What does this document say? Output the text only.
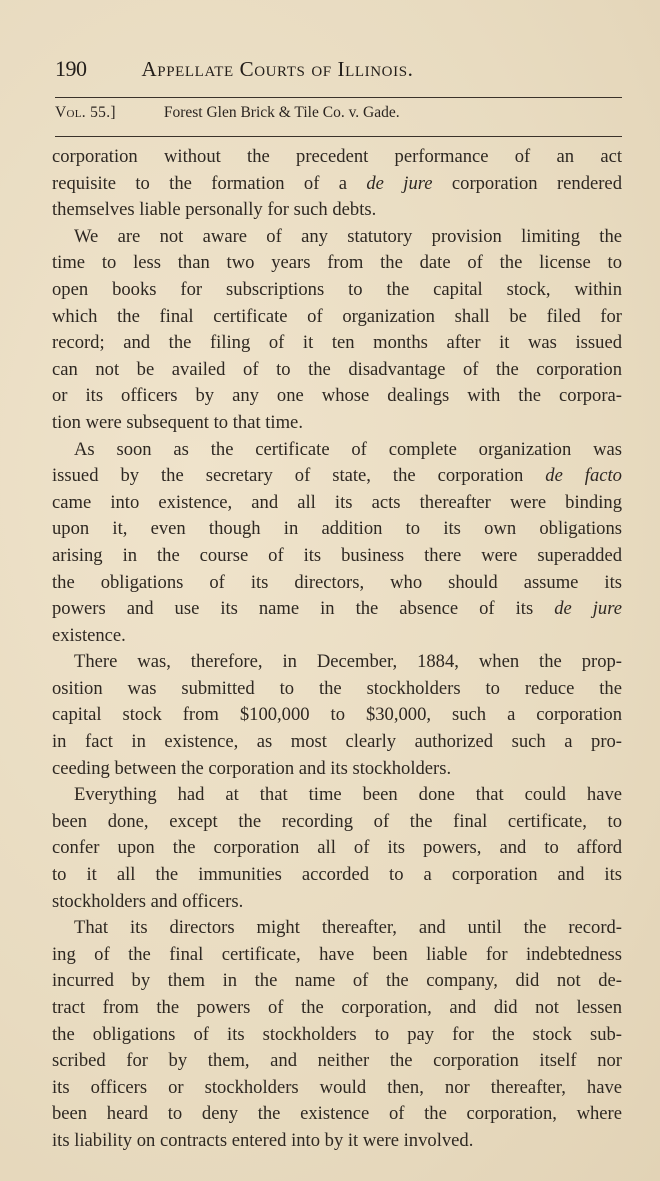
190	Appellate Courts of Illinois.
Vol. 55.]	Forest Glen Brick & Tile Co. v. Gade.
corporation without the precedent performance of an act
requisite to the formation of a de jure corporation rendered
themselves liable personally for such debts.
We are not aware of any statutory provision limiting the
time to less than two years from the date of the license to
open books for subscriptions to the capital stock, within
which the final certificate of organization shall be filed for
record; and the filing of it ten months after it was issued
can not be availed of to the disadvantage of the corporation
or its officers by any one whose dealings with the corpora-
tion were subsequent to that time.
As soon as the certificate of complete organization was
issued by the secretary of state, the corporation de facto
came into existence, and all its acts thereafter were binding
upon it, even though in addition to its own obligations
arising in the course of its business there were superadded
the obligations of its directors, who should assume its
powers and use its name in the absence of its de jure
existence.
There was, therefore, in December, 1884, when the prop-
osition was submitted to the stockholders to reduce the
capital stock from $100,000 to $30,000, such a corporation
in fact in existence, as most clearly authorized such a pro-
ceeding between the corporation and its stockholders.
Everything had at that time been done that could have
been done, except the recording of the final certificate, to
confer upon the corporation all of its powers, and to afford
to it all the immunities accorded to a corporation and its
stockholders and officers.
That its directors might thereafter, and until the record-
ing of the final certificate, have been liable for indebtedness
incurred by them in the name of the company, did not de-
tract from the powers of the corporation, and did not lessen
the obligations of its stockholders to pay for the stock sub-
scribed for by them, and neither the corporation itself nor
its officers or stockholders would then, nor thereafter, have
been heard to deny the existence of the corporation, where
its liability on contracts entered into by it were involved.
